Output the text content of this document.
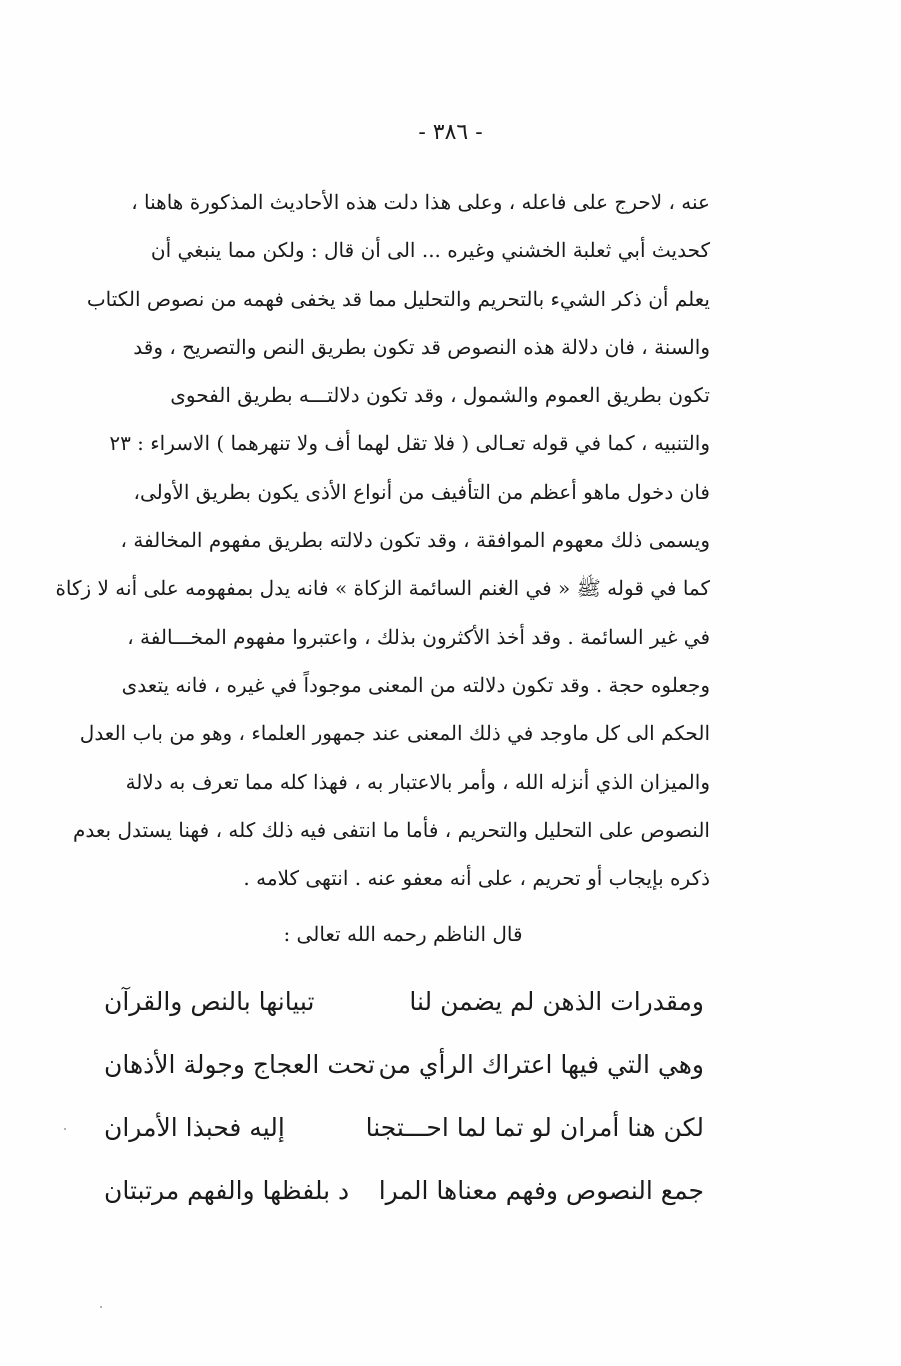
- ٣٨٦ -
عنه ، لاحرج على فاعله ، وعلى هذا دلت هذه الأحاديث المذكورة هاهنا ،
كحديث أبي ثعلبة الخشني وغيره ... الى أن قال : ولكن مما ينبغي أن
يعلم أن ذكر الشيء بالتحريم والتحليل مما قد يخفى فهمه من نصوص الكتاب
والسنة ، فان دلالة هذه النصوص قد تكون بطريق النص والتصريح ، وقد
تكون بطريق العموم والشمول ، وقد تكون دلالتـــه بطريق الفحوى
والتنبيه ، كما في قوله تعـالى ( فلا تقل لهما أف ولا تنهرهما ) الاسراء : ٢٣
فان دخول ماهو أعظم من التأفيف من أنواع الأذى يكون بطريق الأولى،
ويسمى ذلك معهوم الموافقة ، وقد تكون دلالته بطريق مفهوم المخالفة ،
كما في قوله ﷺ « في الغنم السائمة الزكاة » فانه يدل بمفهومه على أنه لا زكاة
في غير السائمة . وقد أخذ الأكثرون بذلك ، واعتبروا مفهوم المخـــالفة ،
وجعلوه حجة . وقد تكون دلالته من المعنى موجوداً في غيره ، فانه يتعدى
الحكم الى كل ماوجد في ذلك المعنى عند جمهور العلماء ، وهو من باب العدل
والميزان الذي أنزله الله ، وأمر بالاعتبار به ، فهذا كله مما تعرف به دلالة
النصوص على التحليل والتحريم ، فأما ما انتفى فيه ذلك كله ، فهنا يستدل بعدم
ذكره بإيجاب أو تحريم ، على أنه معفو عنه . انتهى كلامه .
قال الناظم رحمه الله تعالى :
ومقدرات الذهن لم يضمن لنا
تبيانها بالنص والقرآن
وهي التي فيها اعتراك الرأي من
تحت العجاج وجولة الأذهان
لكن هنا أمران لو تما لما احـــتجنا
إليه فحبذا الأمران
جمع النصوص وفهم معناها المرا
د بلفظها والفهم مرتبتان
